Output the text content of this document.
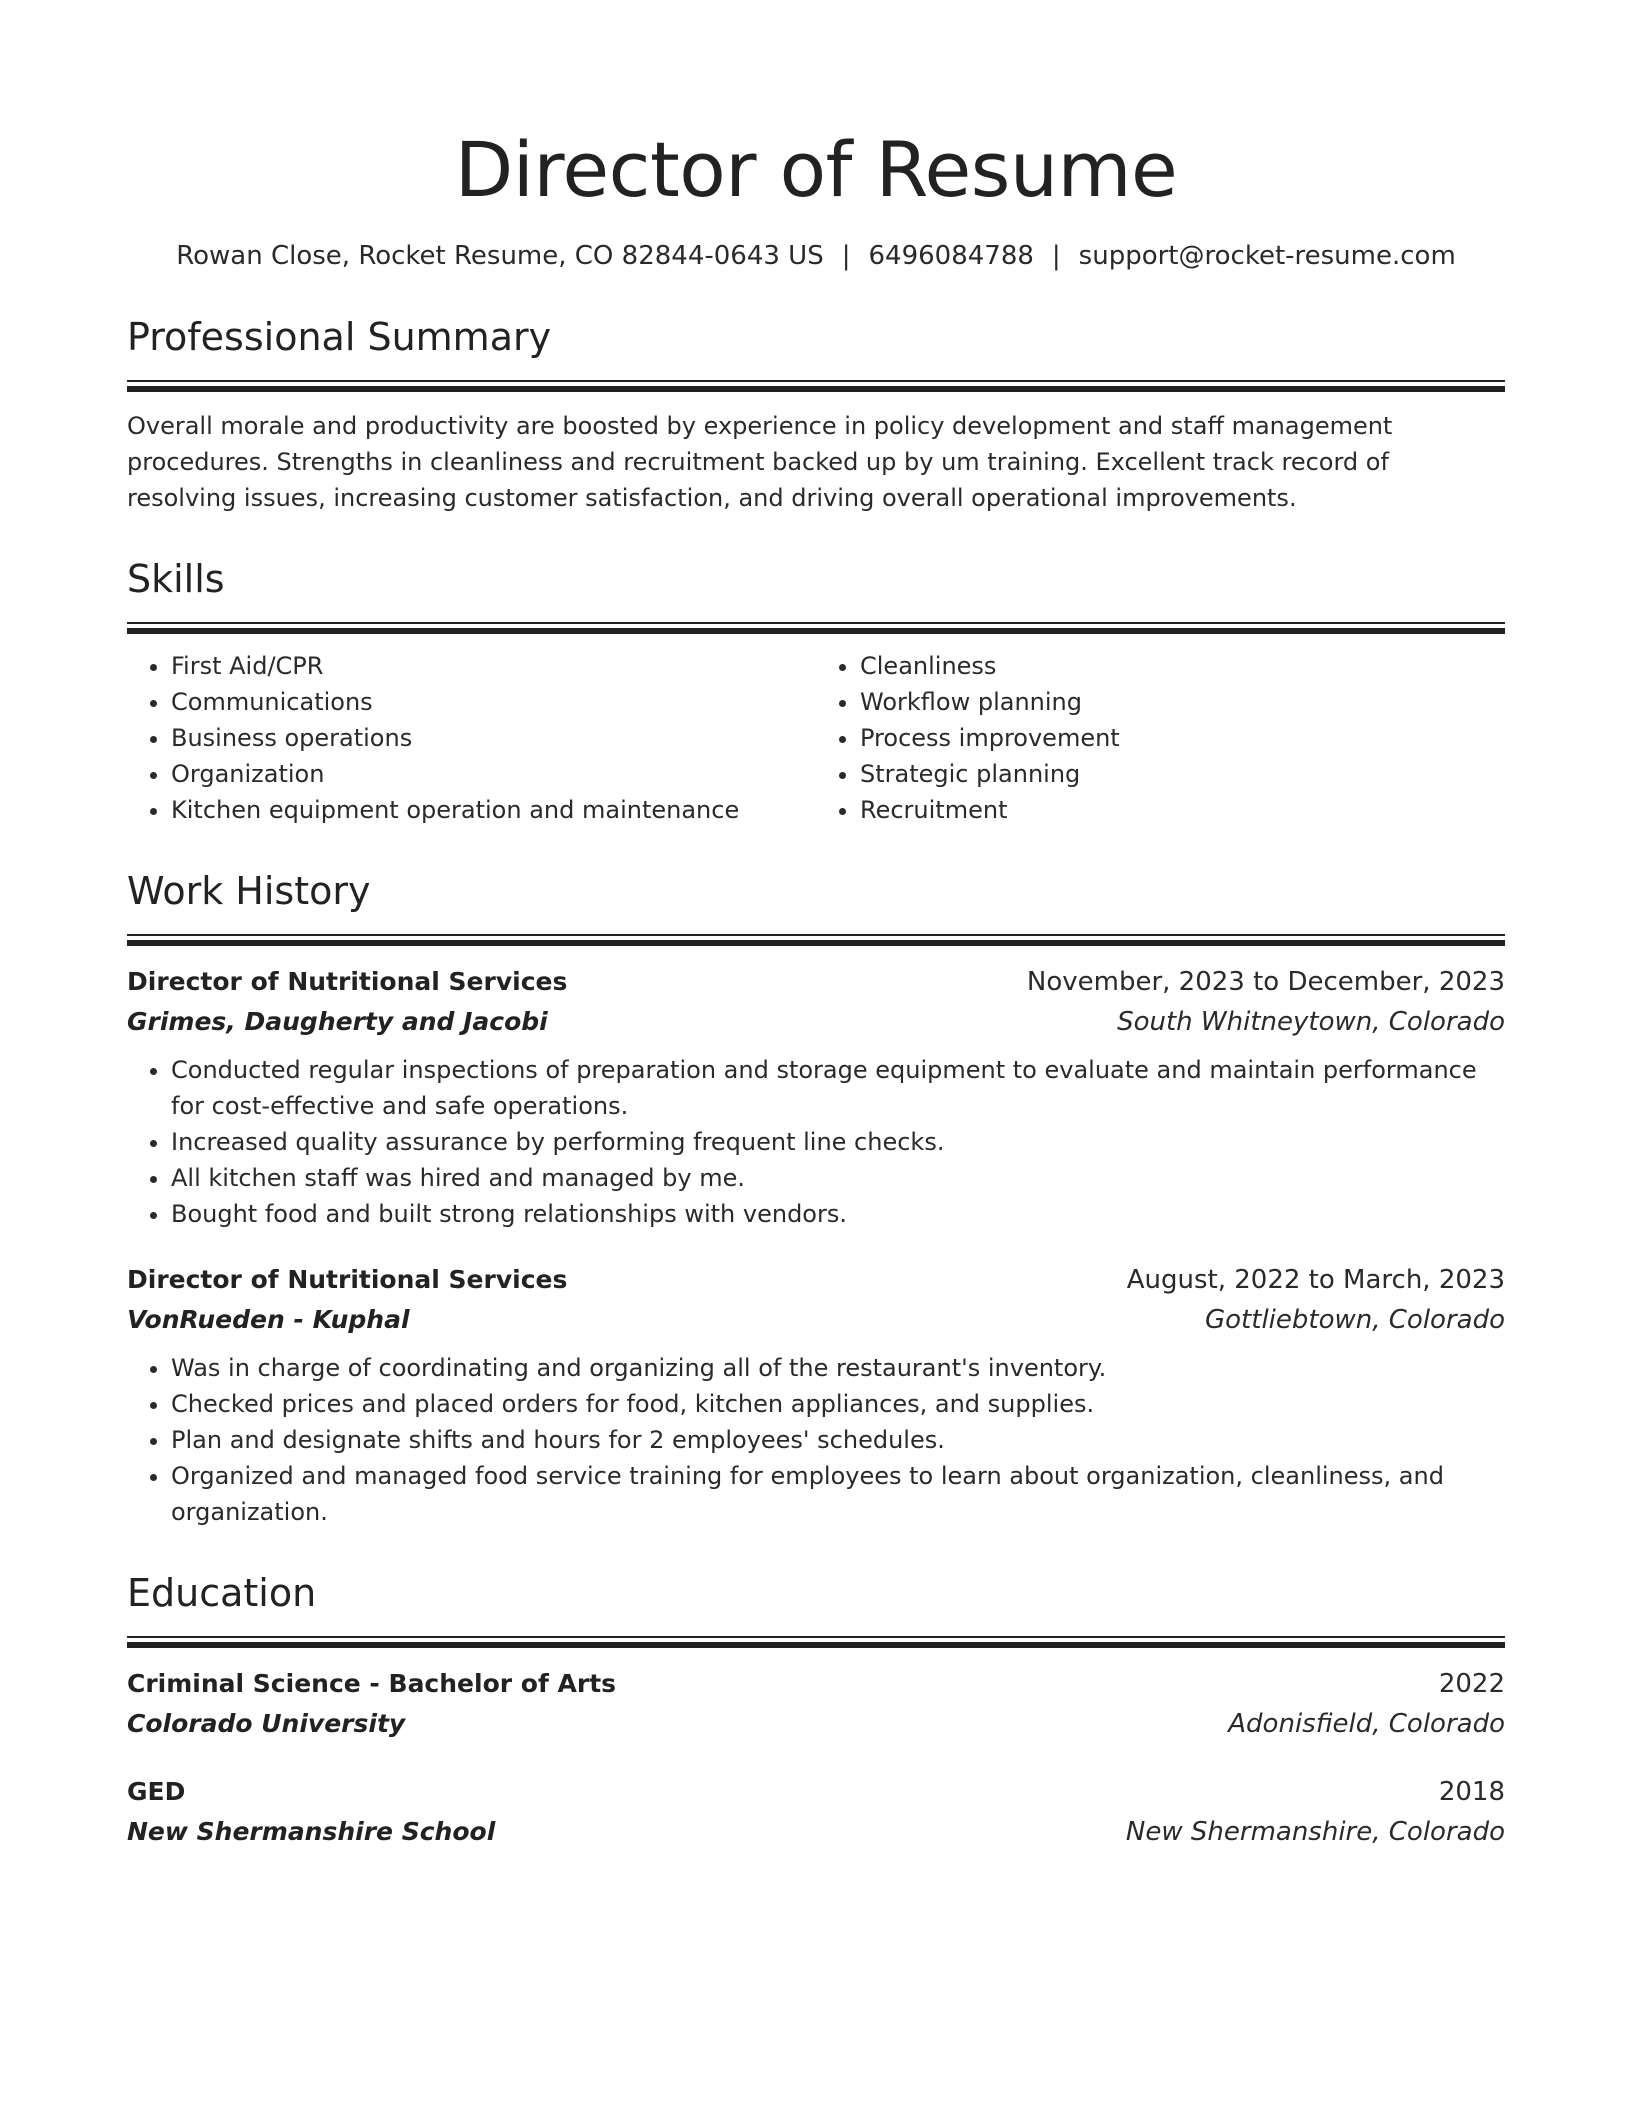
Director of Resume
Rowan Close, Rocket Resume, CO 82844-0643 US | 6496084788 | support@rocket-resume.com
Professional Summary
Overall morale and productivity are boosted by experience in policy development and staff management procedures. Strengths in cleanliness and recruitment backed up by um training. Excellent track record of resolving issues, increasing customer satisfaction, and driving overall operational improvements.
Skills
• First Aid/CPR
• Communications
• Business operations
• Organization
• Kitchen equipment operation and maintenance
• Cleanliness
• Workflow planning
• Process improvement
• Strategic planning
• Recruitment
Work History
Director of Nutritional Services	November, 2023 to December, 2023
Grimes, Daugherty and Jacobi	South Whitneytown, Colorado
• Conducted regular inspections of preparation and storage equipment to evaluate and maintain performance for cost-effective and safe operations.
• Increased quality assurance by performing frequent line checks.
• All kitchen staff was hired and managed by me.
• Bought food and built strong relationships with vendors.
Director of Nutritional Services	August, 2022 to March, 2023
VonRueden - Kuphal	Gottliebtown, Colorado
• Was in charge of coordinating and organizing all of the restaurant's inventory.
• Checked prices and placed orders for food, kitchen appliances, and supplies.
• Plan and designate shifts and hours for 2 employees' schedules.
• Organized and managed food service training for employees to learn about organization, cleanliness, and organization.
Education
Criminal Science - Bachelor of Arts	2022
Colorado University	Adonisfield, Colorado
GED	2018
New Shermanshire School	New Shermanshire, Colorado
